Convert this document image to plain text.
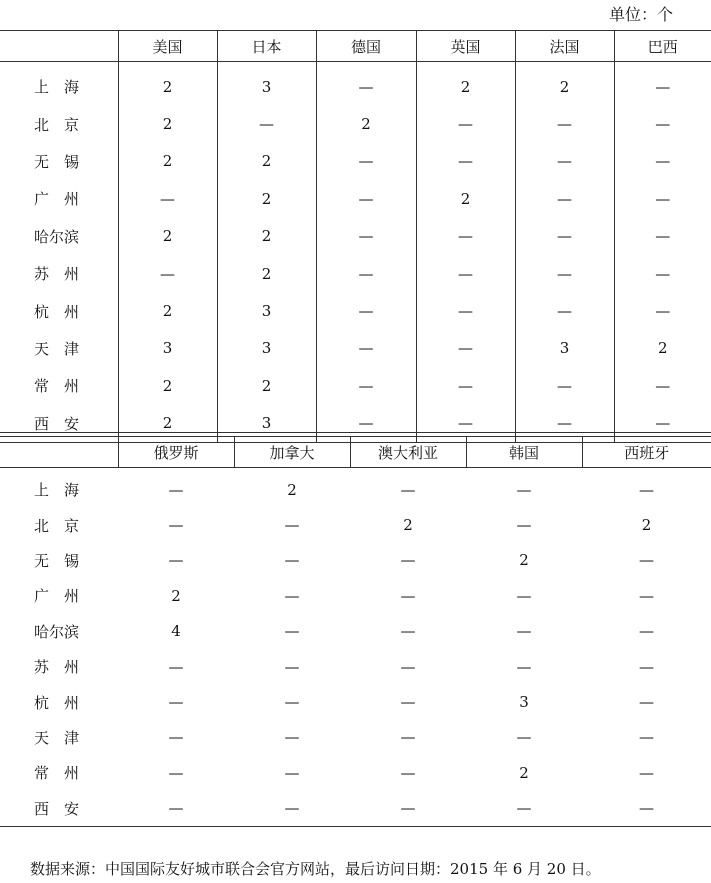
单位：个
	美国	日本	德国	英国	法国	巴西
上　海	2	3	—	2	2	—
北　京	2	—	2	—	—	—
无　锡	2	2	—	—	—	—
广　州	—	2	—	2	—	—
哈尔滨	2	2	—	—	—	—
苏　州	—	2	—	—	—	—
杭　州	2	3	—	—	—	—
天　津	3	3	—	—	3	2
常　州	2	2	—	—	—	—
西　安	2	3	—	—	—	—
	俄罗斯	加拿大	澳大利亚	韩国	西班牙
上　海	—	2	—	—	—
北　京	—	—	2	—	2
无　锡	—	—	—	2	—
广　州	2	—	—	—	—
哈尔滨	4	—	—	—	—
苏　州	—	—	—	—	—
杭　州	—	—	—	3	—
天　津	—	—	—	—	—
常　州	—	—	—	2	—
西　安	—	—	—	—	—
数据来源：中国国际友好城市联合会官方网站，最后访问日期：2015 年 6 月 20 日。
